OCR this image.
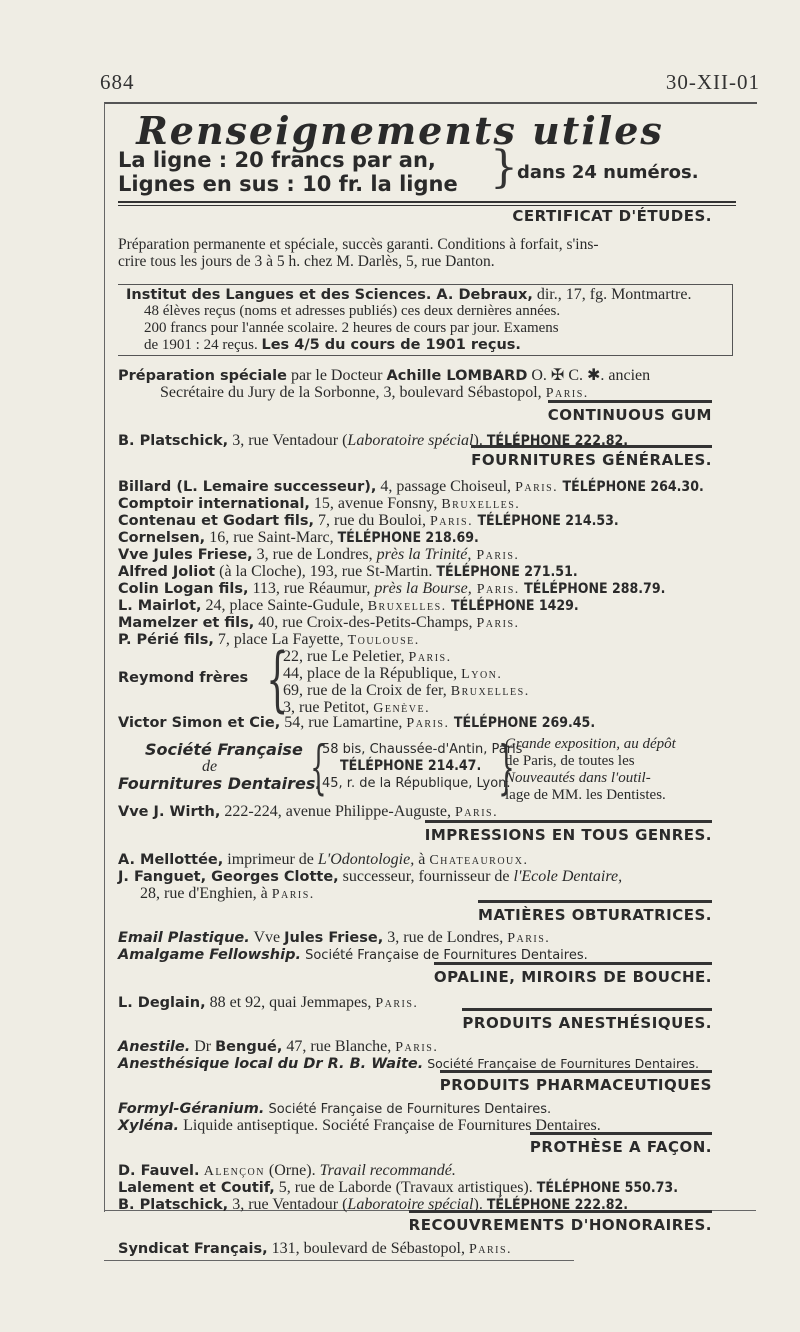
684	30-XII-01
Renseignements utiles
La ligne : 20 francs par an,
Lignes en sus : 10 fr. la ligne } dans 24 numéros.
CERTIFICAT D'ÉTUDES.
Préparation permanente et spéciale, succès garanti. Conditions à forfait, s'ins-
crire tous les jours de 3 à 5 h. chez M. Darlès, 5, rue Danton.
Institut des Langues et des Sciences. A. Debraux, dir., 17, fg. Montmartre.
48 élèves reçus (noms et adresses publiés) ces deux dernières années.
200 francs pour l'année scolaire. 2 heures de cours par jour. Examens
de 1901 : 24 reçus. Les 4/5 du cours de 1901 reçus.
Préparation spéciale par le Docteur Achille LOMBARD O. ✠ C. ✱. ancien
Secrétaire du Jury de la Sorbonne, 3, boulevard Sébastopol, Paris.
CONTINUOUS GUM
B. Platschick, 3, rue Ventadour (Laboratoire spécial). TÉLÉPHONE 222.82.
FOURNITURES GÉNÉRALES.
Billard (L. Lemaire successeur), 4, passage Choiseul, Paris. TÉLÉPHONE 264.30.
Comptoir international, 15, avenue Fonsny, Bruxelles.
Contenau et Godart fils, 7, rue du Bouloi, Paris. TÉLÉPHONE 214.53.
Cornelsen, 16, rue Saint-Marc, TÉLÉPHONE 218.69.
Vve Jules Friese, 3, rue de Londres, près la Trinité, Paris.
Alfred Joliot (à la Cloche), 193, rue St-Martin. TÉLÉPHONE 271.51.
Colin Logan fils, 113, rue Réaumur, près la Bourse, Paris. TÉLÉPHONE 288.79.
L. Mairlot, 24, place Sainte-Gudule, Bruxelles. TÉLÉPHONE 1429.
Mamelzer et fils, 40, rue Croix-des-Petits-Champs, Paris.
P. Périé fils, 7, place La Fayette, Toulouse.
Reymond frères {
22, rue Le Peletier, Paris.
44, place de la République, Lyon.
69, rue de la Croix de fer, Bruxelles.
3, rue Petitot, Genève.
Victor Simon et Cie, 54, rue Lamartine, Paris. TÉLÉPHONE 269.45.
Société Française
de
Fournitures Dentaires.
{
58 bis, Chaussée-d'Antin, Paris
TÉLÉPHONE 214.47.
45, r. de la République, Lyon.
}
Grande exposition, au dépôt
de Paris, de toutes les
Nouveautés dans l'outil-
lage de MM. les Dentistes.
Vve J. Wirth, 222-224, avenue Philippe-Auguste, Paris.
IMPRESSIONS EN TOUS GENRES.
A. Mellottée, imprimeur de L'Odontologie, à Chateauroux.
J. Fanguet, Georges Clotte, successeur, fournisseur de l'Ecole Dentaire,
28, rue d'Enghien, à Paris.
MATIÈRES OBTURATRICES.
Email Plastique. Vve Jules Friese, 3, rue de Londres, Paris.
Amalgame Fellowship. Société Française de Fournitures Dentaires.
OPALINE, MIROIRS DE BOUCHE.
L. Deglain, 88 et 92, quai Jemmapes, Paris.
PRODUITS ANESTHÉSIQUES.
Anestile. Dr Bengué, 47, rue Blanche, Paris.
Anesthésique local du Dr R. B. Waite. Société Française de Fournitures Dentaires.
PRODUITS PHARMACEUTIQUES
Formyl-Géranium. Société Française de Fournitures Dentaires.
Xyléna. Liquide antiseptique. Société Française de Fournitures Dentaires.
PROTHÈSE A FAÇON.
D. Fauvel. Alençon (Orne). Travail recommandé.
Lalement et Coutif, 5, rue de Laborde (Travaux artistiques). TÉLÉPHONE 550.73.
B. Platschick, 3, rue Ventadour (Laboratoire spécial). TÉLÉPHONE 222.82.
RECOUVREMENTS D'HONORAIRES.
Syndicat Français, 131, boulevard de Sébastopol, Paris.
